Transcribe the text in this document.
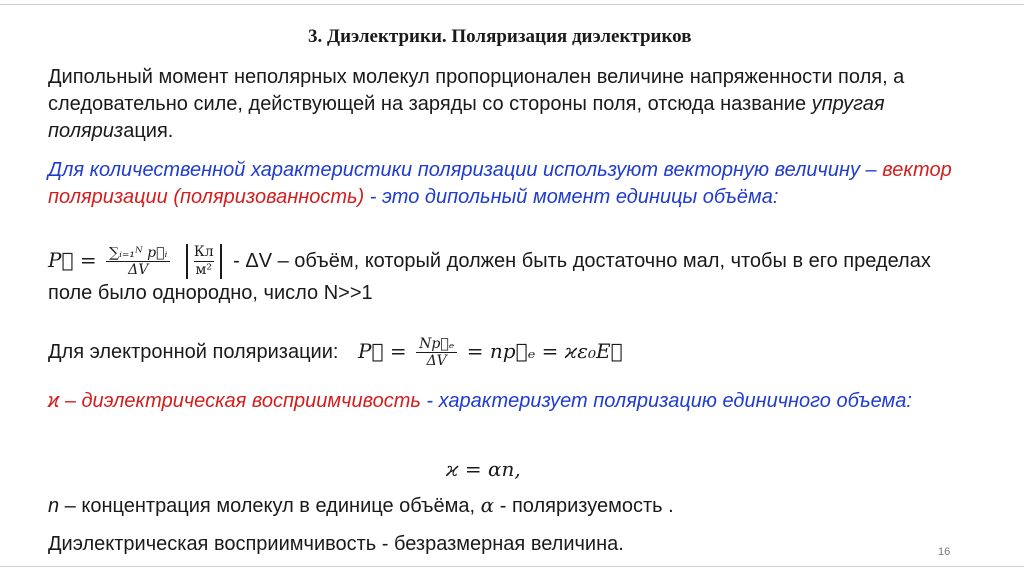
3. Диэлектрики. Поляризация диэлектриков
Дипольный момент неполярных молекул пропорционален величине напряженности поля, а следовательно силе, действующей на заряды со стороны поля, отсюда название упругая поляризация.
Для количественной характеристики поляризации используют векторную величину – вектор поляризации (поляризованность) - это дипольный момент единицы объёма:
P⃗ = $\frac{\text{∑ᵢ₌₁ᴺ p⃗ᵢ}}{\Delta V}$
$\frac{Кл}{\text{м²}}$ - ΔV – объём, который должен быть достаточно мал, чтобы в его пределах поле было однородно, число N>>1
Для электронной поляризации: P⃗ = $\frac{\text{Np⃗ₑ}}{\Delta V}$ = np⃗ₑ = ϰε₀E⃗
ϰ – диэлектрическая восприимчивость - характеризует поляризацию единичного объема:
ϰ = αn,
n – концентрация молекул в единице объёма, α - поляризуемость .
Диэлектрическая восприимчивость - безразмерная величина.	16
